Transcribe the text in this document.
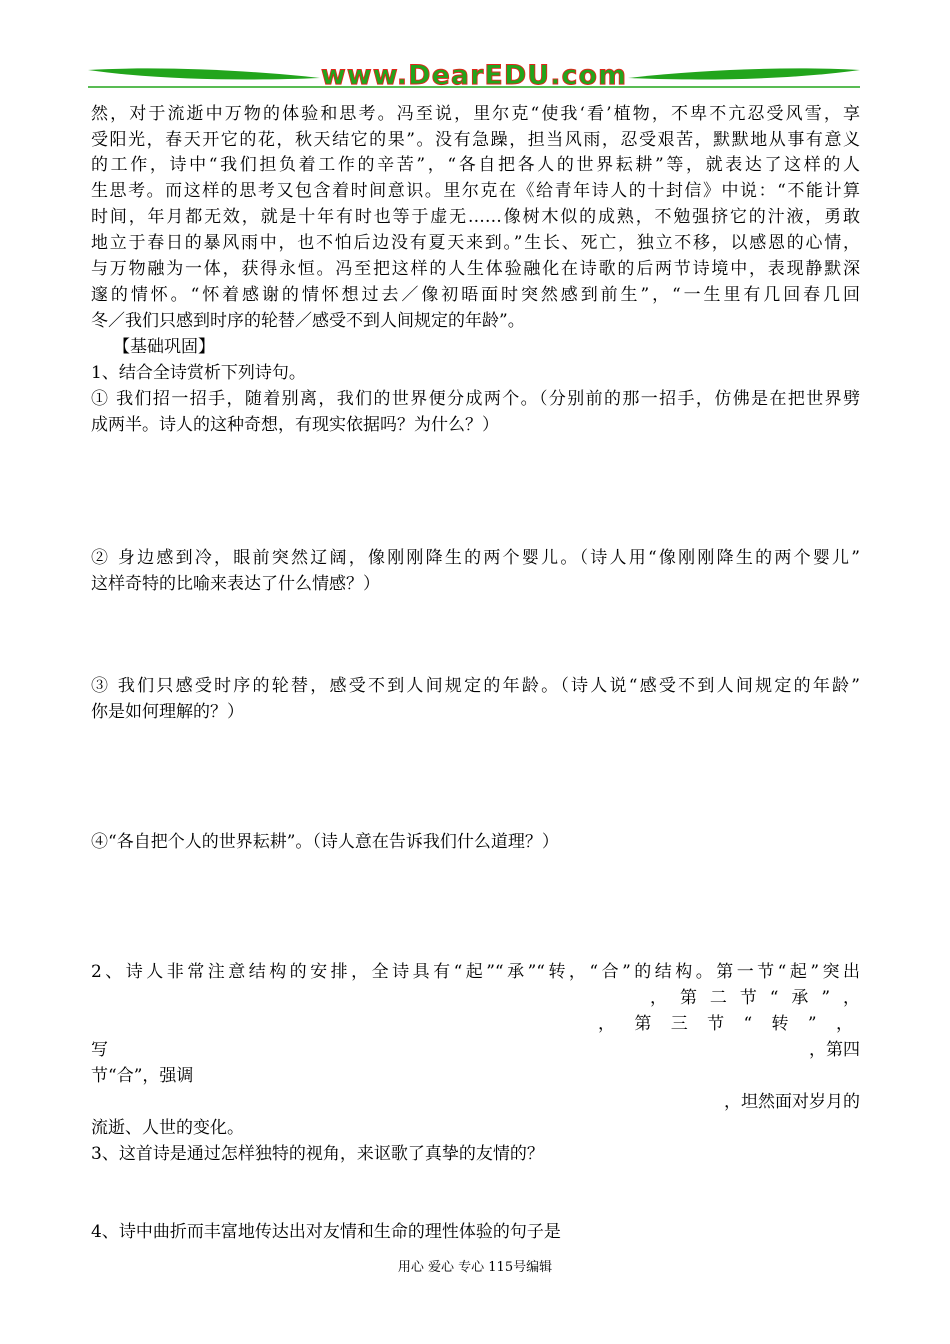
www.DearEDU.com
然，对于流逝中万物的体验和思考。冯至说，里尔克“使我‘看’植物，不卑不亢忍受风雪，享
受阳光，春天开它的花，秋天结它的果”。没有急躁，担当风雨，忍受艰苦，默默地从事有意义
的工作，诗中“我们担负着工作的辛苦”，“各自把各人的世界耘耕”等，就表达了这样的人
生思考。而这样的思考又包含着时间意识。里尔克在《给青年诗人的十封信》中说：“不能计算
时间，年月都无效，就是十年有时也等于虚无……像树木似的成熟，不勉强挤它的汁液，勇敢
地立于春日的暴风雨中，也不怕后边没有夏天来到。”生长、死亡，独立不移，以感恩的心情，
与万物融为一体，获得永恒。冯至把这样的人生体验融化在诗歌的后两节诗境中，表现静默深
邃的情怀。“怀着感谢的情怀想过去／像初晤面时突然感到前生”，“一生里有几回春几回
冬／我们只感到时序的轮替／感受不到人间规定的年龄”。
【基础巩固】
1、结合全诗赏析下列诗句。
① 我们招一招手，随着别离，我们的世界便分成两个。（分别前的那一招手，仿佛是在把世界劈
成两半。诗人的这种奇想，有现实依据吗？为什么？）
② 身边感到冷，眼前突然辽阔，像刚刚降生的两个婴儿。（诗人用“像刚刚降生的两个婴儿”
这样奇特的比喻来表达了什么情感？）
③ 我们只感受时序的轮替，感受不到人间规定的年龄。（诗人说“感受不到人间规定的年龄”
你是如何理解的？）
④“各自把个人的世界耘耕”。（诗人意在告诉我们什么道理？）
2、诗人非常注意结构的安排，全诗具有“起”“承”“转，“合”的结构。第一节“起”突出
，第二节“承”，
，第三节“转”，
写	，第四
节“合”，强调
，坦然面对岁月的
流逝、人世的变化。
3、这首诗是通过怎样独特的视角，来讴歌了真挚的友情的？
4、诗中曲折而丰富地传达出对友情和生命的理性体验的句子是
用心 爱心 专心 115号编辑
